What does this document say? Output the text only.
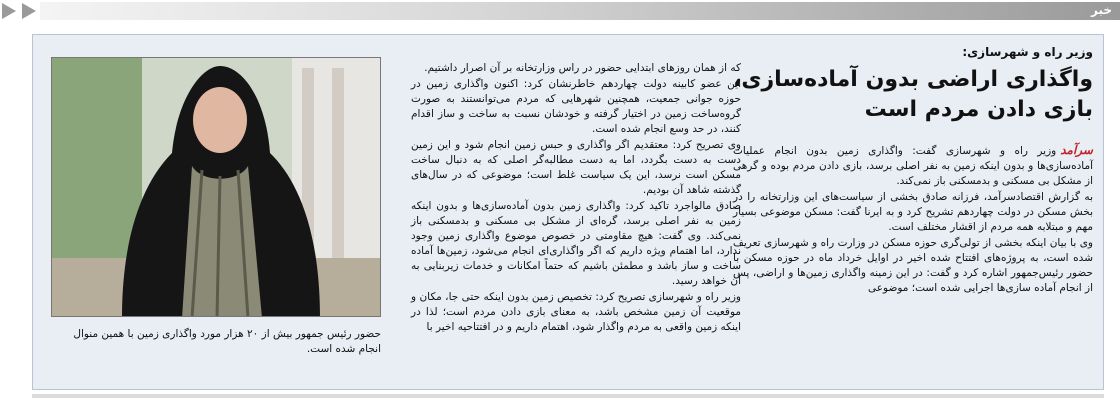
خبر
وزیر راه و شهرسازی:
واگذاری اراضی بدون آماده‌سازی، بازی دادن مردم است

سرآمدوزیر راه و شهرسازی گفت: واگذاری زمین بدون انجام عملیات آماده‌سازی‌ها و بدون اینکه زمین به نفر اصلی برسد، بازی دادن مردم بوده و گرهی از مشکل بی مسکنی و بدمسکنی باز نمی‌کند.

به گزارش اقتصادسرآمد، فرزانه صادق بخشی از سیاست‌های این وزارتخانه را در بخش مسکن در دولت چهاردهم تشریح کرد و به ایرنا گفت: مسکن موضوعی بسیار مهم و مبتلابه همه مردم از اقشار مختلف است.

وی با بیان اینکه بخشی از تولی‌گری حوزه مسکن در وزارت راه و شهرسازی تعریف شده است، به پروژه‌های افتتاح شده اخیر در اوایل خرداد ماه در حوزه مسکن با حضور رئیس‌جمهور اشاره کرد و گفت: در این زمینه واگذاری زمین‌ها و اراضی، پس از انجام آماده سازی‌ها اجرایی شده است؛ موضوعی

که از همان روزهای ابتدایی حضور در راس وزارتخانه بر آن اصرار داشتیم.

این عضو کابینه دولت چهاردهم خاطرنشان کرد: اکنون واگذاری زمین در حوزه جوانی جمعیت، همچنین شهرهایی که مردم می‌توانستند به صورت گروه‌ساخت زمین در اختیار گرفته و خودشان نسبت به ساخت و ساز اقدام کنند، در حد وسع انجام شده است.

وی تصریح کرد: معتقدیم اگر واگذاری و حبس زمین انجام شود و این زمین دست به دست بگردد، اما به دست مطالبه‌گر اصلی که به دنبال ساخت مسکن است نرسد، این یک سیاست غلط است؛ موضوعی که در سال‌های گذشته شاهد آن بودیم.

صادق مالواجرد تاکید کرد: واگذاری زمین بدون آماده‌سازی‌ها و بدون اینکه زمین به نفر اصلی برسد، گره‌ای از مشکل بی مسکنی و بدمسکنی باز نمی‌کند. وی گفت: هیچ مقاومتی در خصوص موضوع واگذاری زمین وجود ندارد، اما اهتمام ویژه داریم که اگر واگذاری‌ای انجام می‌شود، زمین‌ها آماده ساخت و ساز باشد و مطمئن باشیم که حتماً امکانات و خدمات زیربنایی به آن خواهد رسید.

وزیر راه و شهرسازی تصریح کرد: تخصیص زمین بدون اینکه حتی جا، مکان و موقعیت آن زمین مشخص باشد، به معنای بازی دادن مردم است؛ لذا در اینکه زمین واقعی به مردم واگذار شود، اهتمام داریم و در افتتاحیه اخیر با

حضور رئیس جمهور بیش از ۲۰ هزار مورد واگذاری زمین با همین منوال انجام شده است.
